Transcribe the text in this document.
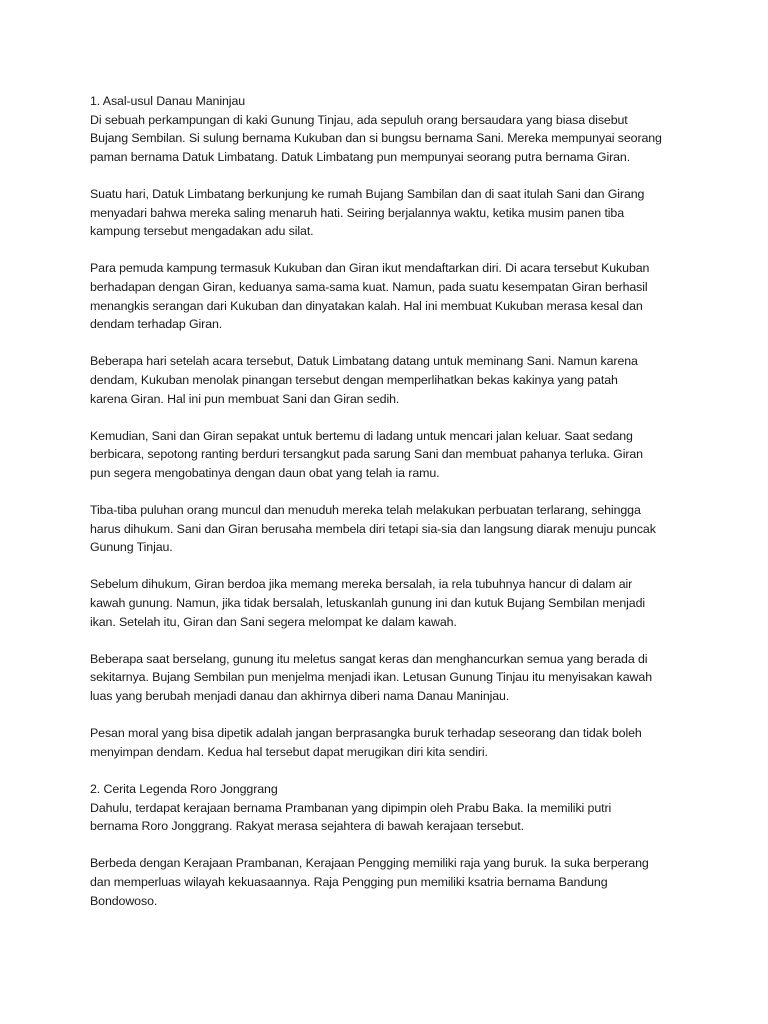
1. Asal-usul Danau Maninjau
Di sebuah perkampungan di kaki Gunung Tinjau, ada sepuluh orang bersaudara yang biasa disebut
Bujang Sembilan. Si sulung bernama Kukuban dan si bungsu bernama Sani. Mereka mempunyai seorang
paman bernama Datuk Limbatang. Datuk Limbatang pun mempunyai seorang putra bernama Giran.
Suatu hari, Datuk Limbatang berkunjung ke rumah Bujang Sambilan dan di saat itulah Sani dan Girang
menyadari bahwa mereka saling menaruh hati. Seiring berjalannya waktu, ketika musim panen tiba
kampung tersebut mengadakan adu silat.
Para pemuda kampung termasuk Kukuban dan Giran ikut mendaftarkan diri. Di acara tersebut Kukuban
berhadapan dengan Giran, keduanya sama-sama kuat. Namun, pada suatu kesempatan Giran berhasil
menangkis serangan dari Kukuban dan dinyatakan kalah. Hal ini membuat Kukuban merasa kesal dan
dendam terhadap Giran.
Beberapa hari setelah acara tersebut, Datuk Limbatang datang untuk meminang Sani. Namun karena
dendam, Kukuban menolak pinangan tersebut dengan memperlihatkan bekas kakinya yang patah
karena Giran. Hal ini pun membuat Sani dan Giran sedih.
Kemudian, Sani dan Giran sepakat untuk bertemu di ladang untuk mencari jalan keluar. Saat sedang
berbicara, sepotong ranting berduri tersangkut pada sarung Sani dan membuat pahanya terluka. Giran
pun segera mengobatinya dengan daun obat yang telah ia ramu.
Tiba-tiba puluhan orang muncul dan menuduh mereka telah melakukan perbuatan terlarang, sehingga
harus dihukum. Sani dan Giran berusaha membela diri tetapi sia-sia dan langsung diarak menuju puncak
Gunung Tinjau.
Sebelum dihukum, Giran berdoa jika memang mereka bersalah, ia rela tubuhnya hancur di dalam air
kawah gunung. Namun, jika tidak bersalah, letuskanlah gunung ini dan kutuk Bujang Sembilan menjadi
ikan. Setelah itu, Giran dan Sani segera melompat ke dalam kawah.
Beberapa saat berselang, gunung itu meletus sangat keras dan menghancurkan semua yang berada di
sekitarnya. Bujang Sembilan pun menjelma menjadi ikan. Letusan Gunung Tinjau itu menyisakan kawah
luas yang berubah menjadi danau dan akhirnya diberi nama Danau Maninjau.
Pesan moral yang bisa dipetik adalah jangan berprasangka buruk terhadap seseorang dan tidak boleh
menyimpan dendam. Kedua hal tersebut dapat merugikan diri kita sendiri.
2. Cerita Legenda Roro Jonggrang
Dahulu, terdapat kerajaan bernama Prambanan yang dipimpin oleh Prabu Baka. Ia memiliki putri
bernama Roro Jonggrang. Rakyat merasa sejahtera di bawah kerajaan tersebut.
Berbeda dengan Kerajaan Prambanan, Kerajaan Pengging memiliki raja yang buruk. Ia suka berperang
dan memperluas wilayah kekuasaannya. Raja Pengging pun memiliki ksatria bernama Bandung
Bondowoso.
